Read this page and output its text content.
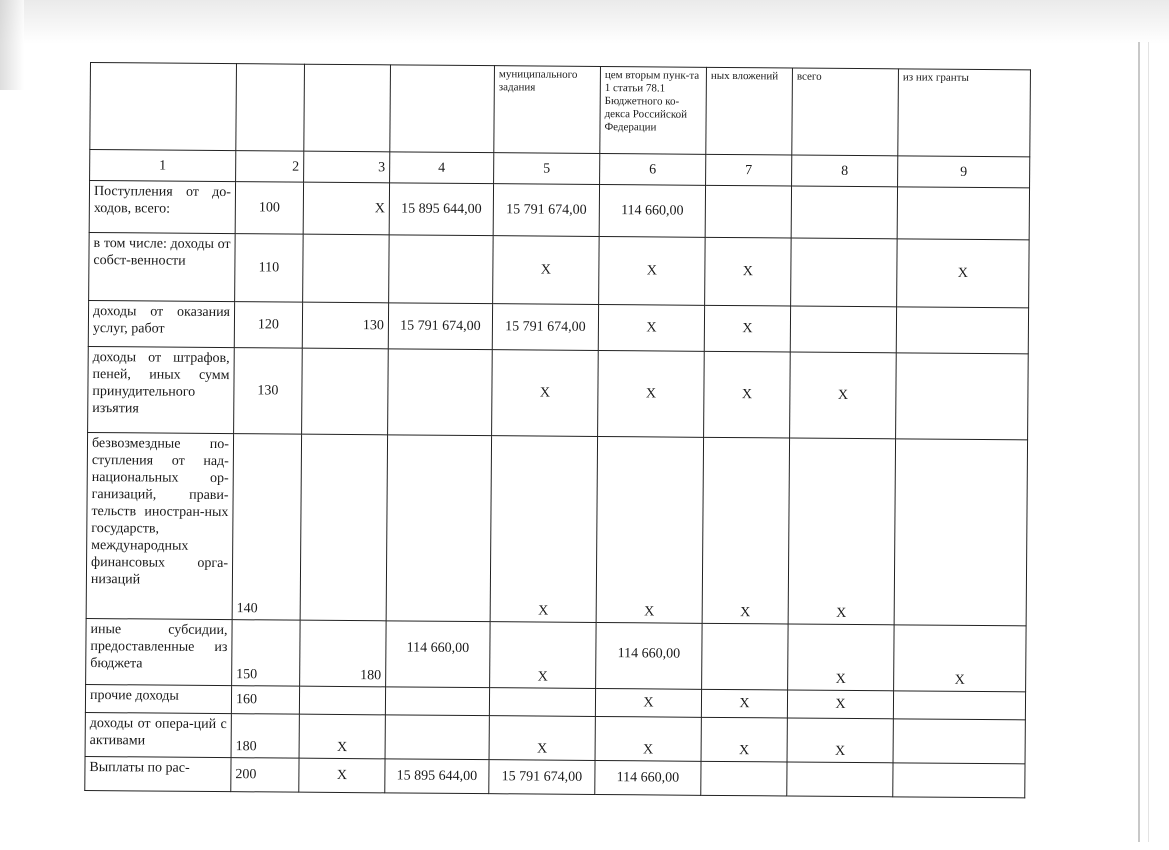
				муниципального задания	цем вторым пунк-та 1 статьи 78.1 Бюджетного ко-декса Российской Федерации	ных вложений	всего	из них гранты
1	2	3	4	5	6	7	8	9
Поступления от до-ходов, всего:	100	X	15 895 644,00	15 791 674,00	114 660,00			
в том числе: доходы от собст-венности	110			X	X	X		X
доходы от оказания услуг, работ	120	130	15 791 674,00	15 791 674,00	X	X		
доходы от штрафов, пеней, иных сумм принудительного изъятия	130			X	X	X	X	
безвозмездные по-ступления от над-национальных ор-ганизаций, прави-тельств иностран-ных государств, международных финансовых орга-низаций	140			X	X	X	X	
иные субсидии, предоставленные из бюджета	150	180	114 660,00	X	114 660,00		X	X
прочие доходы	160				X	X	X	
доходы от опера-ций с активами	180	X		X	X	X	X	
Выплаты по рас-	200	X	15 895 644,00	15 791 674,00	114 660,00			
